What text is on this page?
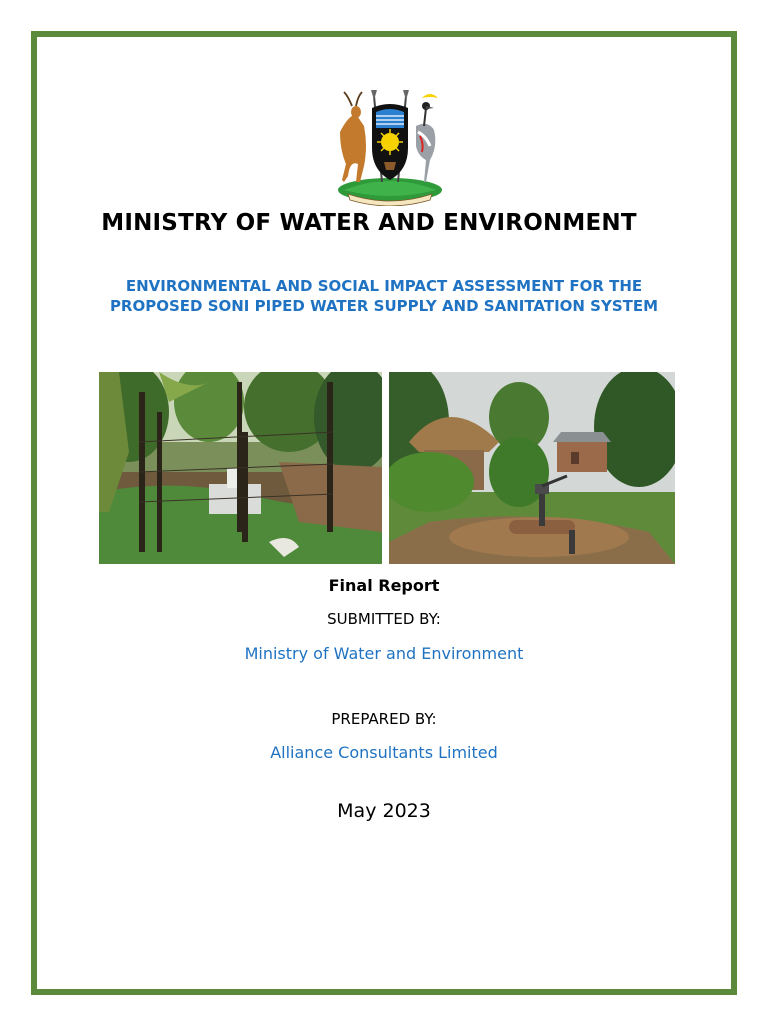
MINISTRY OF WATER AND ENVIRONMENT
ENVIRONMENTAL AND SOCIAL IMPACT ASSESSMENT FOR THE PROPOSED SONI PIPED WATER SUPPLY AND SANITATION SYSTEM
Final Report
SUBMITTED BY:
Ministry of Water and Environment
PREPARED BY:
Alliance Consultants Limited
May 2023
